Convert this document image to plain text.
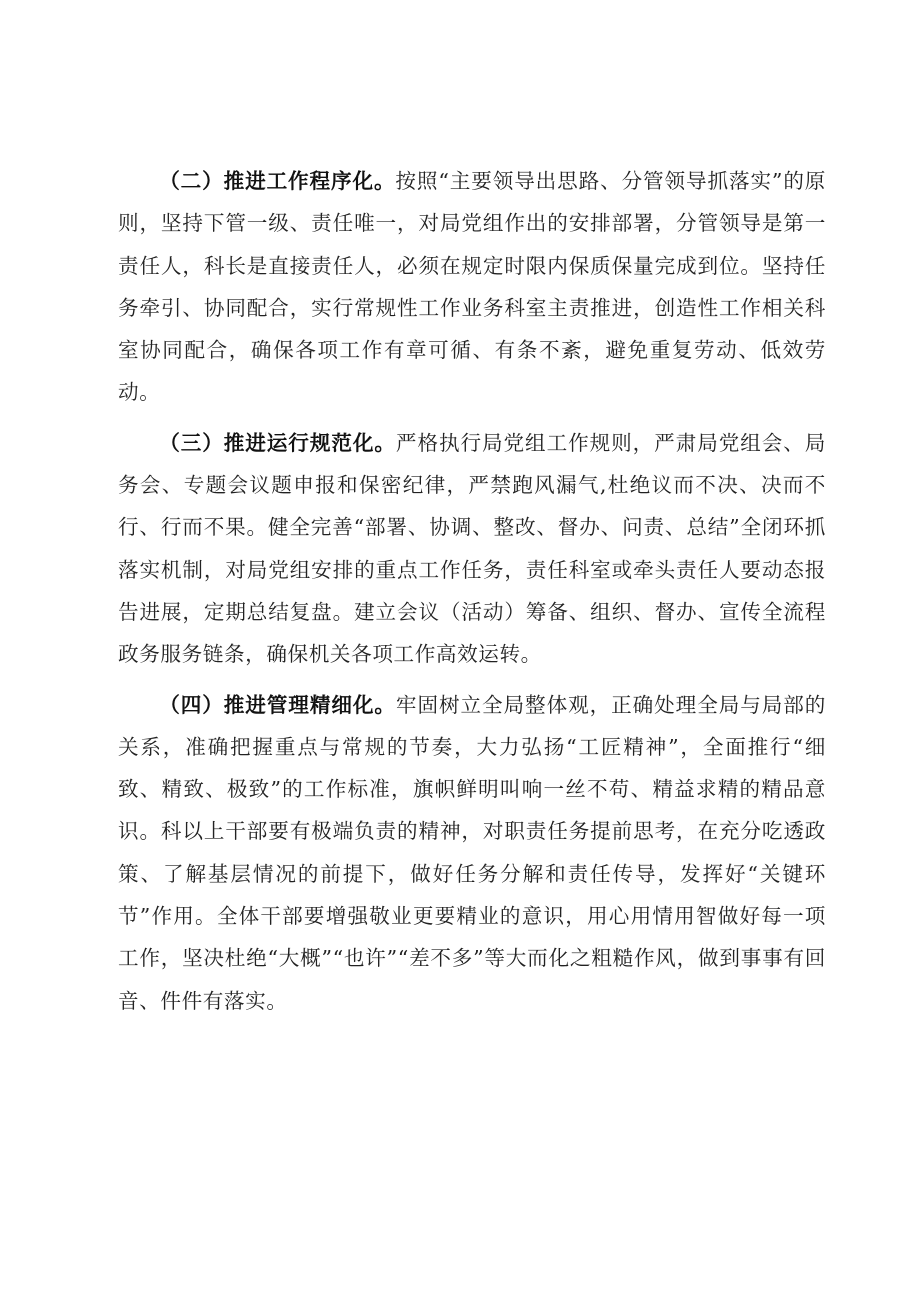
（二）推进工作程序化。按照“主要领导出思路、分管领导抓落实”的原则，坚持下管一级、责任唯一，对局党组作出的安排部署，分管领导是第一责任人，科长是直接责任人，必须在规定时限内保质保量完成到位。坚持任务牵引、协同配合，实行常规性工作业务科室主责推进，创造性工作相关科室协同配合，确保各项工作有章可循、有条不紊，避免重复劳动、低效劳动。

（三）推进运行规范化。严格执行局党组工作规则，严肃局党组会、局务会、专题会议题申报和保密纪律，严禁跑风漏气,杜绝议而不决、决而不行、行而不果。健全完善“部署、协调、整改、督办、问责、总结”全闭环抓落实机制，对局党组安排的重点工作任务，责任科室或牵头责任人要动态报告进展，定期总结复盘。建立会议（活动）筹备、组织、督办、宣传全流程政务服务链条，确保机关各项工作高效运转。

（四）推进管理精细化。牢固树立全局整体观，正确处理全局与局部的关系，准确把握重点与常规的节奏，大力弘扬“工匠精神”，全面推行“细致、精致、极致”的工作标准，旗帜鲜明叫响一丝不苟、精益求精的精品意识。科以上干部要有极端负责的精神，对职责任务提前思考，在充分吃透政策、了解基层情况的前提下，做好任务分解和责任传导，发挥好“关键环节”作用。全体干部要增强敬业更要精业的意识，用心用情用智做好每一项工作，坚决杜绝“大概”“也许”“差不多”等大而化之粗糙作风，做到事事有回音、件件有落实。
